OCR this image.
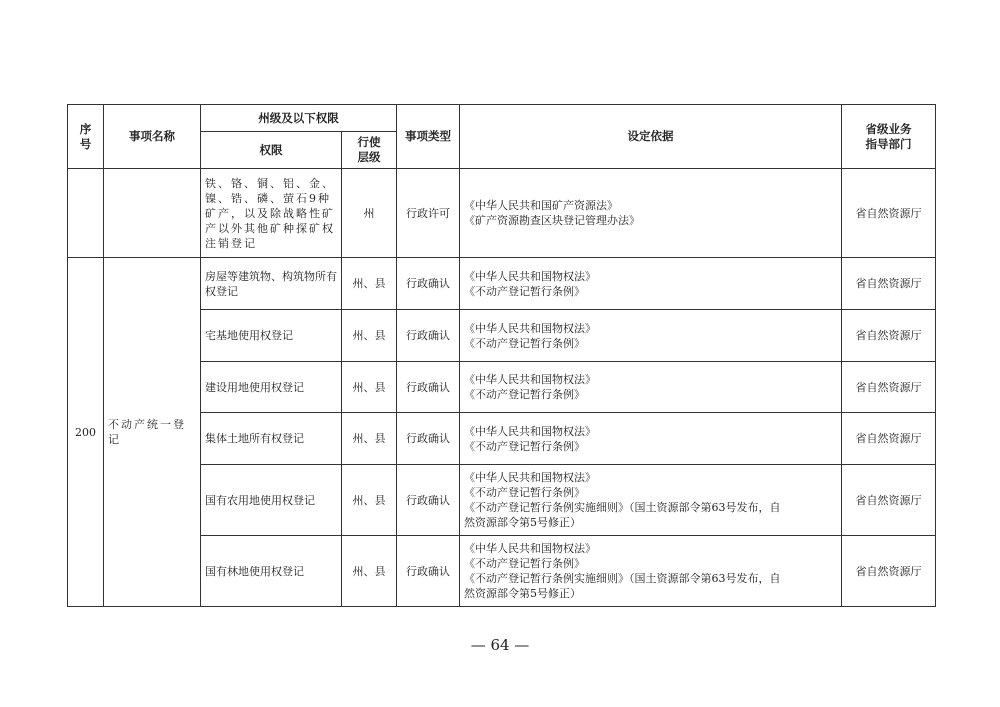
序
号	事项名称	州级及以下权限		事项类型	设定依据	省级业务
指导部门
		权限	行使
层级			
		铁、铬、铜、铝、金、镍、锆、磷、萤石9种矿产，以及除战略性矿产以外其他矿种探矿权注销登记	州	行政许可	《中华人民共和国矿产资源法》
《矿产资源勘查区块登记管理办法》	省自然资源厅
200	不动产统一登记	房屋等建筑物、构筑物所有权登记	州、县	行政确认	《中华人民共和国物权法》
《不动产登记暂行条例》	省自然资源厅
		宅基地使用权登记	州、县	行政确认	《中华人民共和国物权法》
《不动产登记暂行条例》	省自然资源厅
		建设用地使用权登记	州、县	行政确认	《中华人民共和国物权法》
《不动产登记暂行条例》	省自然资源厅
		集体土地所有权登记	州、县	行政确认	《中华人民共和国物权法》
《不动产登记暂行条例》	省自然资源厅
		国有农用地使用权登记	州、县	行政确认	《中华人民共和国物权法》
《不动产登记暂行条例》
《不动产登记暂行条例实施细则》（国土资源部令第63号发布，自
然资源部令第5号修正）	省自然资源厅
		国有林地使用权登记	州、县	行政确认	《中华人民共和国物权法》
《不动产登记暂行条例》
《不动产登记暂行条例实施细则》（国土资源部令第63号发布，自
然资源部令第5号修正）	省自然资源厅
— 64 —
